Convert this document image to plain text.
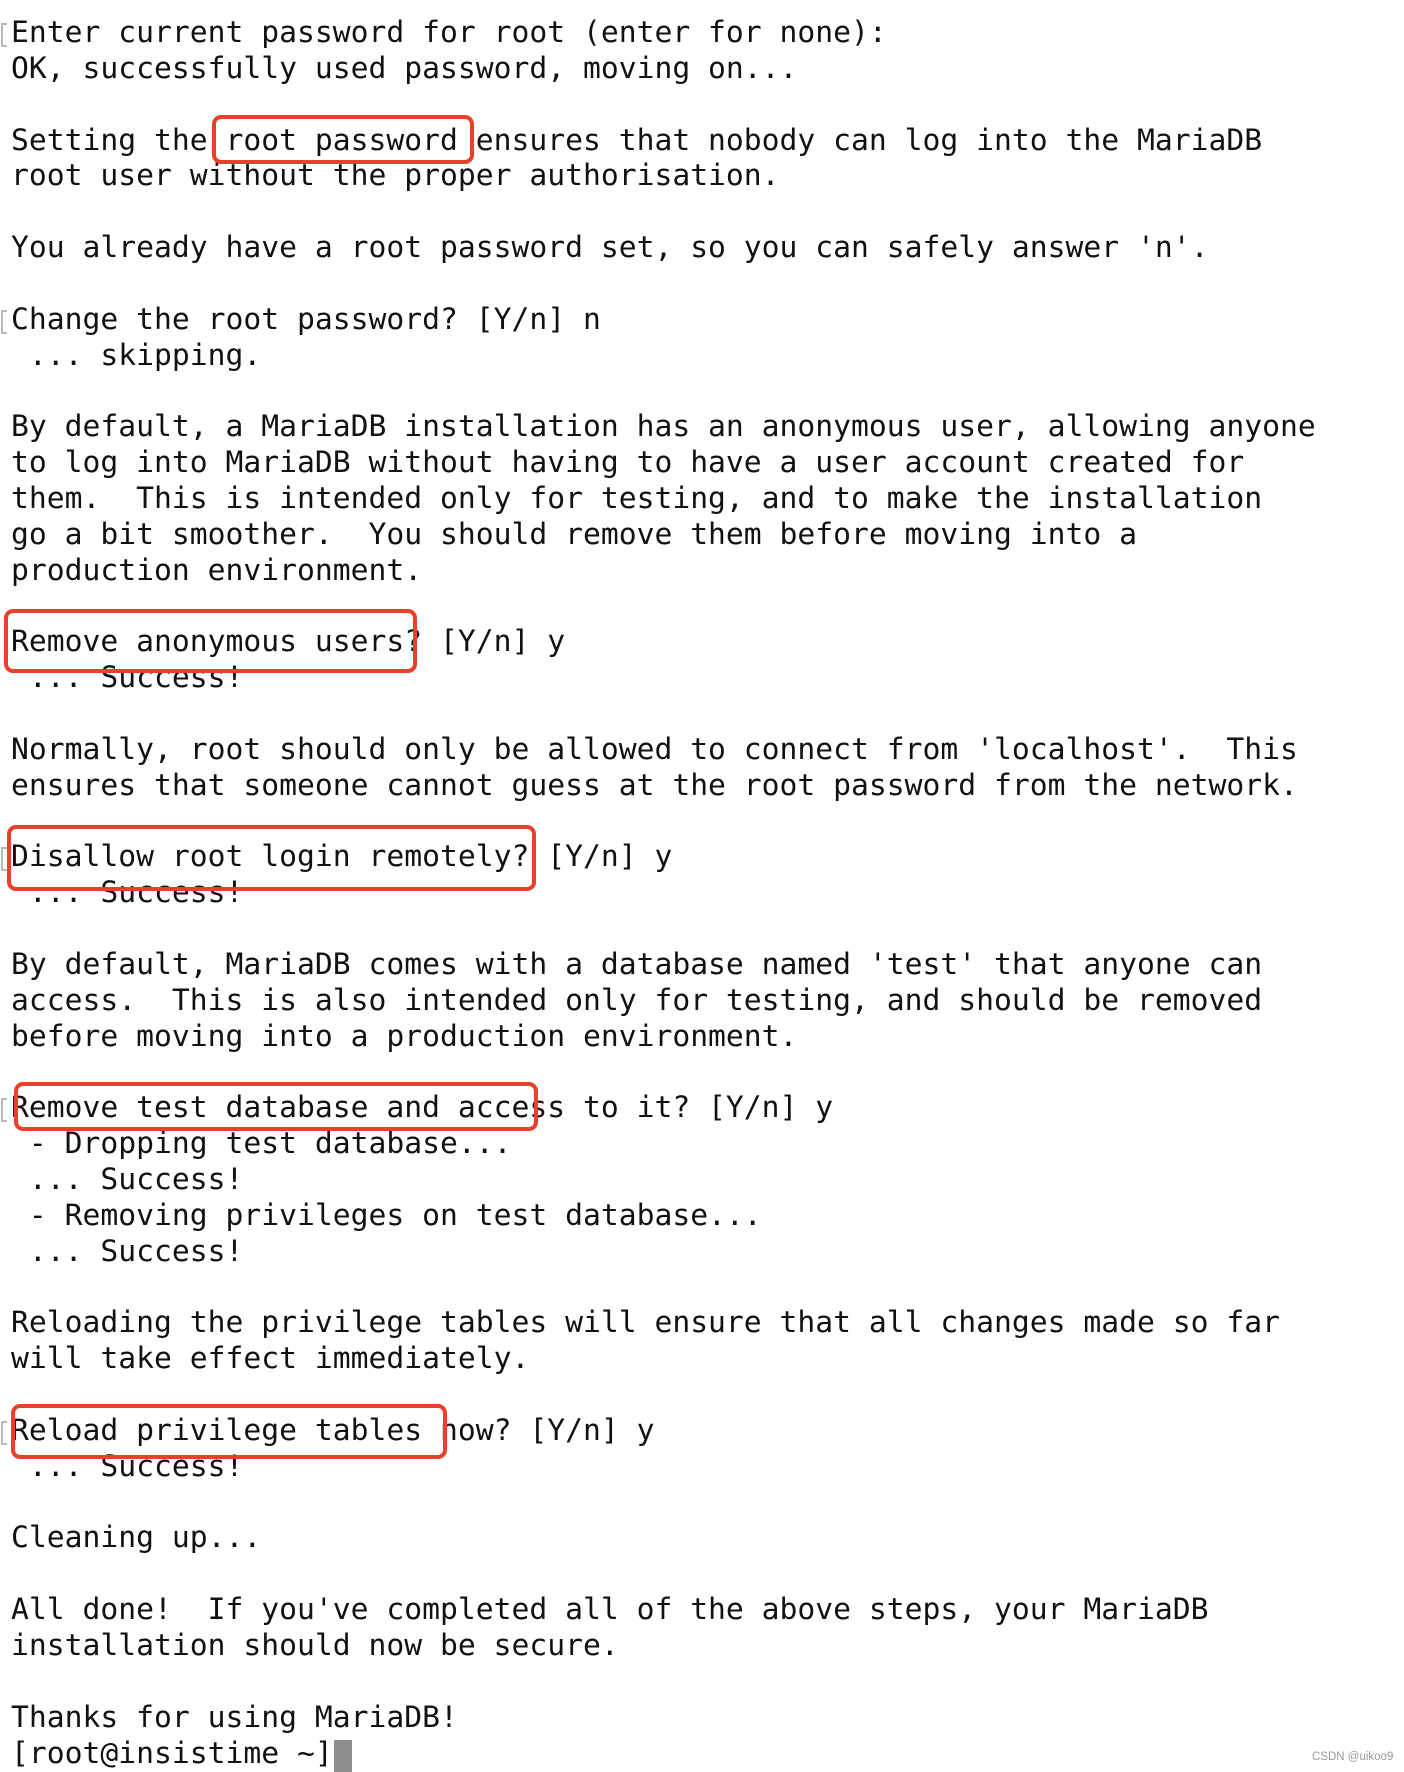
Enter current password for root (enter for none):
OK, successfully used password, moving on...
Setting the root password ensures that nobody can log into the MariaDB
root user without the proper authorisation.
You already have a root password set, so you can safely answer 'n'.
Change the root password? [Y/n] n
... skipping.
By default, a MariaDB installation has an anonymous user, allowing anyone
to log into MariaDB without having to have a user account created for
them.  This is intended only for testing, and to make the installation
go a bit smoother.  You should remove them before moving into a
production environment.
Remove anonymous users? [Y/n] y
... Success!
Normally, root should only be allowed to connect from 'localhost'.  This
ensures that someone cannot guess at the root password from the network.
Disallow root login remotely? [Y/n] y
... Success!
By default, MariaDB comes with a database named 'test' that anyone can
access.  This is also intended only for testing, and should be removed
before moving into a production environment.
Remove test database and access to it? [Y/n] y
- Dropping test database...
... Success!
- Removing privileges on test database...
... Success!
Reloading the privilege tables will ensure that all changes made so far
will take effect immediately.
Reload privilege tables now? [Y/n] y
... Success!
Cleaning up...
All done!  If you've completed all of the above steps, your MariaDB
installation should now be secure.
Thanks for using MariaDB!
[root@insistime ~]	CSDN @uikoo9
